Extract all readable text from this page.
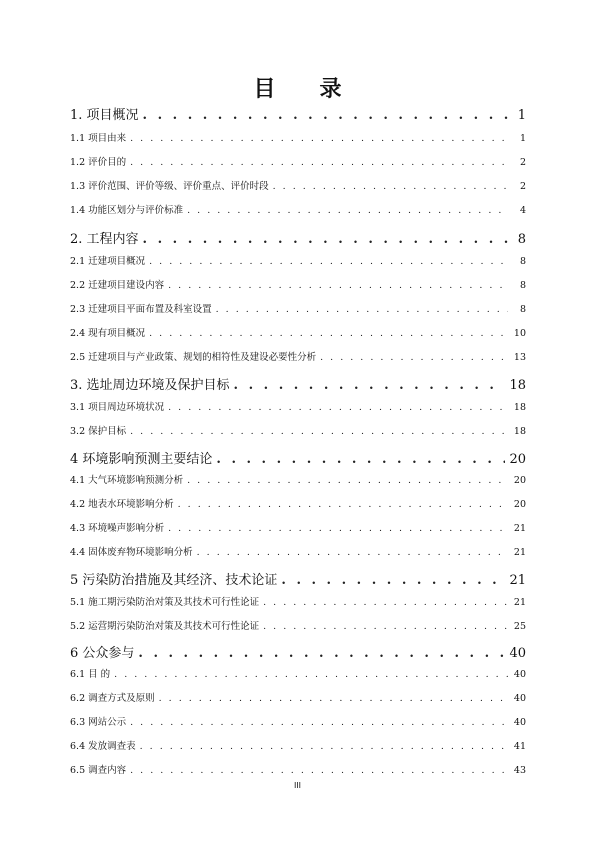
目 录
1. 项目概况 . . .	1
1.1 项目由来 . . .	1
1.2 评价目的 . . .	2
1.3 评价范围、评价等级、评价重点、评价时段 . . .	2
1.4 功能区划分与评价标准 . . .	4
2. 工程内容 . . .	8
2.1 迁建项目概况 . . .	8
2.2 迁建项目建设内容 . . .	8
2.3 迁建项目平面布置及科室设置 . . .	8
2.4 现有项目概况 . . .	10
2.5 迁建项目与产业政策、规划的相符性及建设必要性分析 . . .	13
3. 选址周边环境及保护目标 . . .	18
3.1 项目周边环境状况 . . .	18
3.2 保护目标 . . .	18
4 环境影响预测主要结论 . . .	20
4.1 大气环境影响预测分析 . . .	20
4.2 地表水环境影响分析 . . .	20
4.3 环境噪声影响分析 . . .	21
4.4 固体废弃物环境影响分析 . . .	21
5 污染防治措施及其经济、技术论证 . . .	21
5.1 施工期污染防治对策及其技术可行性论证 . . .	21
5.2 运营期污染防治对策及其技术可行性论证 . . .	25
6 公众参与 . . .	40
6.1 目 的 . . .	40
6.2 调查方式及原则 . . .	40
6.3 网站公示 . . .	40
6.4 发放调查表 . . .	41
6.5 调查内容 . . .	43
III
